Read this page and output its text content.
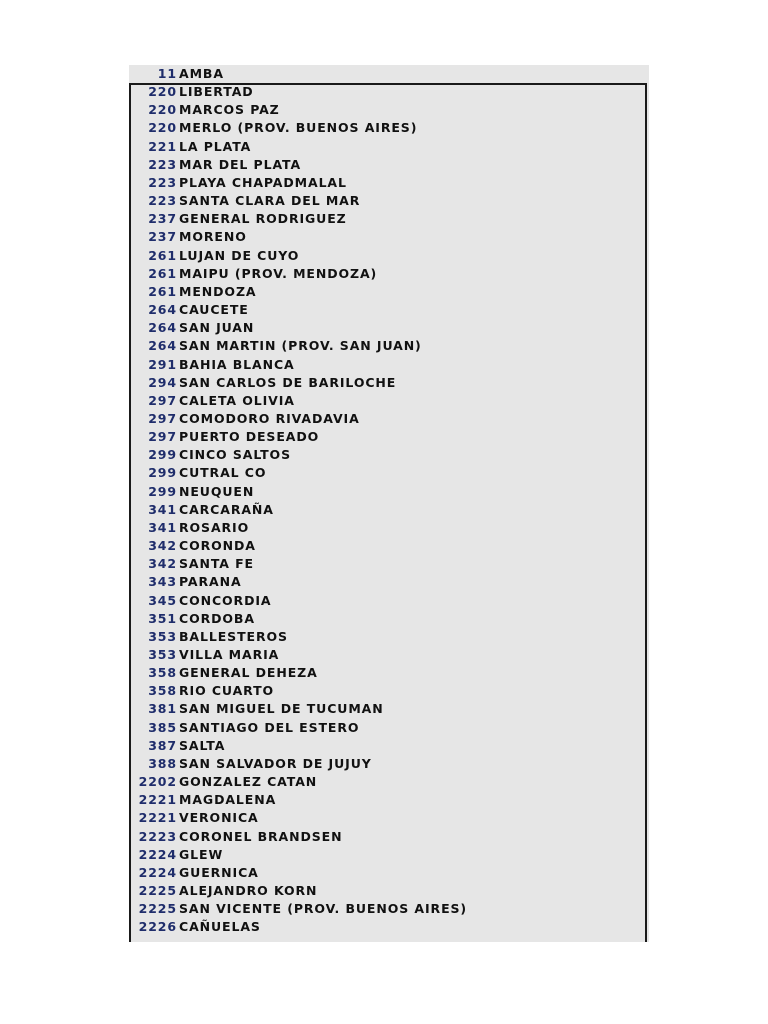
11 AMBA
220 LIBERTAD
220 MARCOS PAZ
220 MERLO (PROV. BUENOS AIRES)
221 LA PLATA
223 MAR DEL PLATA
223 PLAYA CHAPADMALAL
223 SANTA CLARA DEL MAR
237 GENERAL RODRIGUEZ
237 MORENO
261 LUJAN DE CUYO
261 MAIPU (PROV. MENDOZA)
261 MENDOZA
264 CAUCETE
264 SAN JUAN
264 SAN MARTIN (PROV. SAN JUAN)
291 BAHIA BLANCA
294 SAN CARLOS DE BARILOCHE
297 CALETA OLIVIA
297 COMODORO RIVADAVIA
297 PUERTO DESEADO
299 CINCO SALTOS
299 CUTRAL CO
299 NEUQUEN
341 CARCARAÑA
341 ROSARIO
342 CORONDA
342 SANTA FE
343 PARANA
345 CONCORDIA
351 CORDOBA
353 BALLESTEROS
353 VILLA MARIA
358 GENERAL DEHEZA
358 RIO CUARTO
381 SAN MIGUEL DE TUCUMAN
385 SANTIAGO DEL ESTERO
387 SALTA
388 SAN SALVADOR DE JUJUY
2202 GONZALEZ CATAN
2221 MAGDALENA
2221 VERONICA
2223 CORONEL BRANDSEN
2224 GLEW
2224 GUERNICA
2225 ALEJANDRO KORN
2225 SAN VICENTE (PROV. BUENOS AIRES)
2226 CAÑUELAS
